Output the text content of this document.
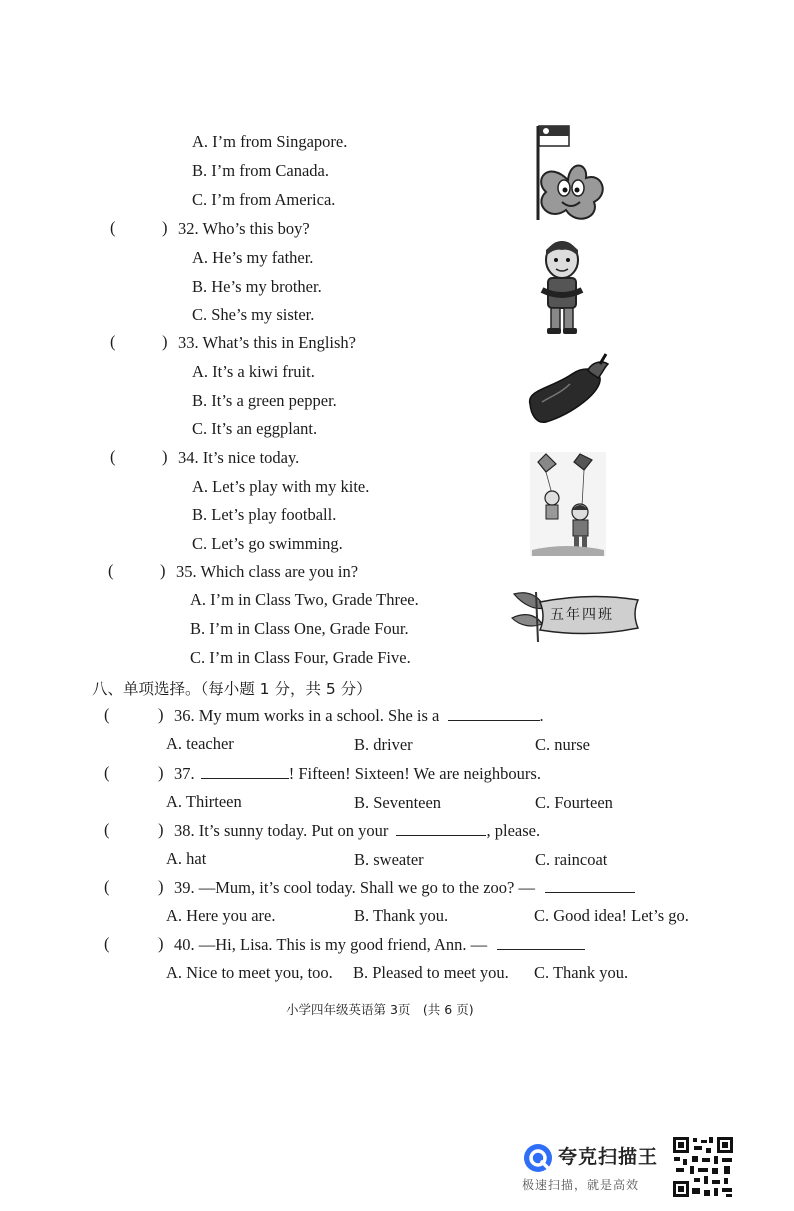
A. I’m from Singapore.
B. I’m from Canada.
C. I’m from America.
(	) 32. Who’s this boy?
A. He’s my father.
B. He’s my brother.
C. She’s my sister.
(	) 33. What’s this in English?
A. It’s a kiwi fruit.
B. It’s a green pepper.
C. It’s an eggplant.
(	) 34. It’s nice today.
A. Let’s play with my kite.
B. Let’s play football.
C. Let’s go swimming.
(	) 35. Which class are you in?
A. I’m in Class Two, Grade Three.
B. I’m in Class One, Grade Four.
C. I’m in Class Four, Grade Five.
五年四班
八、单项选择。（每小题 1 分，共 5 分）
(	) 36. My mum works in a school. She is a	.
A. teacher	B. driver	C. nurse
(	) 37.	! Fifteen! Sixteen! We are neighbours.
A. Thirteen	B. Seventeen	C. Fourteen
(	) 38. It’s sunny today. Put on your	, please.
A. hat	B. sweater	C. raincoat
(	) 39. —Mum, it’s cool today. Shall we go to the zoo? —
A. Here you are.	B. Thank you.	C. Good idea! Let’s go.
(	) 40. —Hi, Lisa. This is my good friend, Ann. —
A. Nice to meet you, too. B. Pleased to meet you. C. Thank you.
小学四年级英语第 3页　(共 6 页)
夸克扫描王
极速扫描，就是高效
